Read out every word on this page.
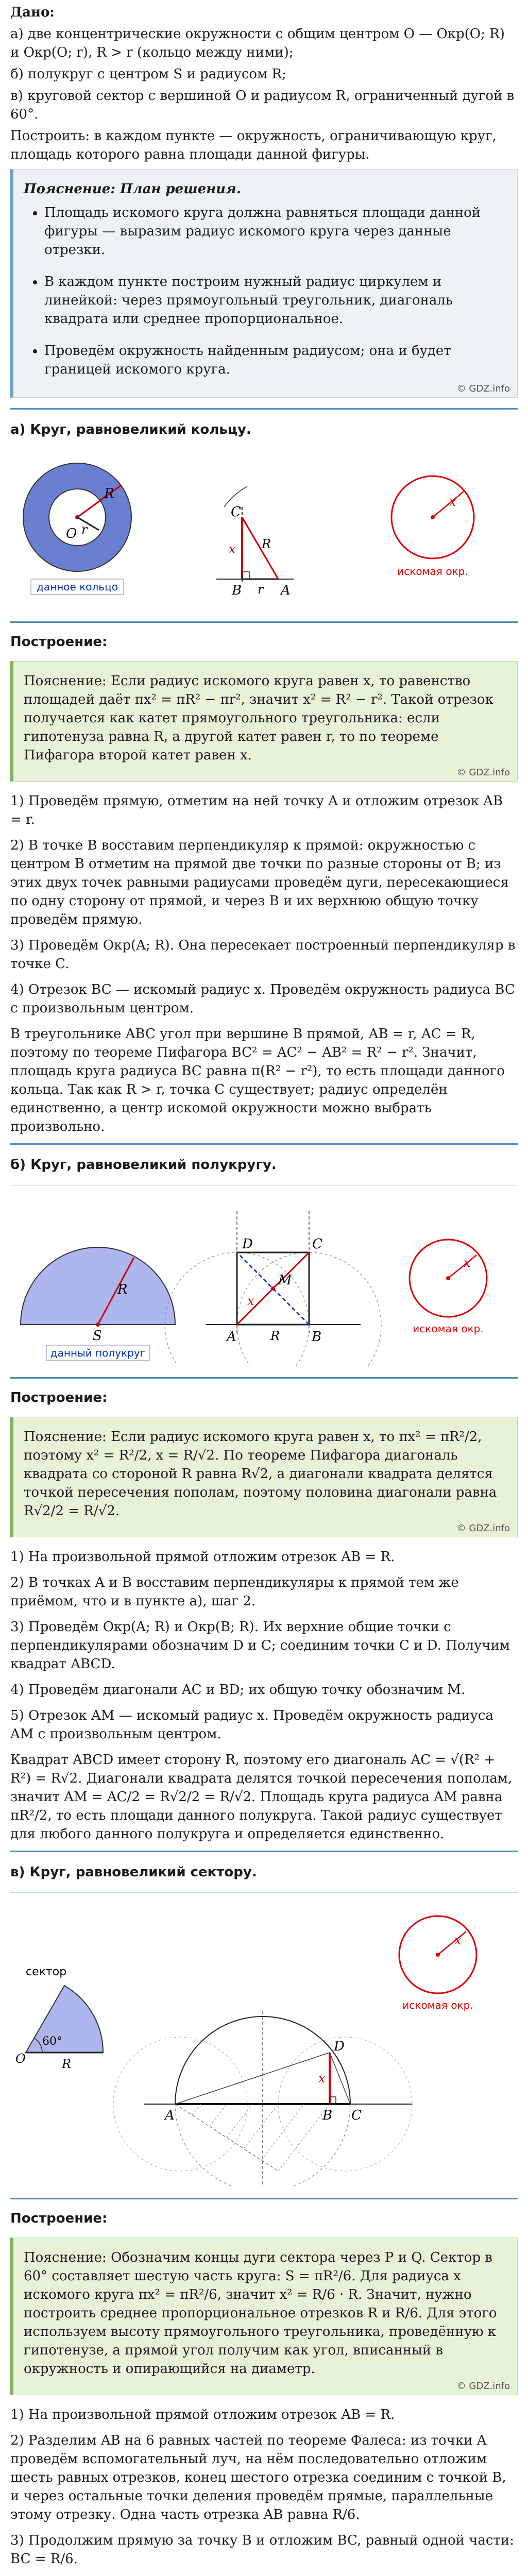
Дано:

а) две концентрические окружности с общим центром O — Окр(O; R) и Окр(O; r), R > r (кольцо между ними);

б) полукруг с центром S и радиусом R;

в) круговой сектор с вершиной O и радиусом R, ограниченный дугой в 60°.

Построить: в каждом пункте — окружность, ограничивающую круг, площадь которого равна площади данной фигуры.

Пояснение: План решения.
• Площадь искомого круга должна равняться площади данной фигуры — выразим радиус искомого круга через данные отрезки.
• В каждом пункте построим нужный радиус циркулем и линейкой: через прямоугольный треугольник, диагональ квадрата или среднее пропорциональное.
• Проведём окружность найденным радиусом; она и будет границей искомого круга.
© GDZ.info
а) Круг, равновеликий кольцу.
R
r
O
данное кольцо
C
B	A
R
r
x
x
искомая окр.
Построение:

Пояснение: Если радиус искомого круга равен x, то равенство площадей даёт πx² = πR² − πr², значит x² = R² − r². Такой отрезок получается как катет прямоугольного треугольника: если гипотенуза равна R, а другой катет равен r, то по теореме Пифагора второй катет равен x.

© GDZ.info

1) Проведём прямую, отметим на ней точку A и отложим отрезок AB = r.

2) В точке B восставим перпендикуляр к прямой: окружностью с центром B отметим на прямой две точки по разные стороны от B; из этих двух точек равными радиусами проведём дуги, пересекающиеся по одну сторону от прямой, и через B и их верхнюю общую точку проведём прямую.

3) Проведём Окр(A; R). Она пересекает построенный перпендикуляр в точке C.

4) Отрезок BC — искомый радиус x. Проведём окружность радиуса BC с произвольным центром.

В треугольнике ABC угол при вершине B прямой, AB = r, AC = R, поэтому по теореме Пифагора BC² = AC² − AB² = R² − r². Значит, площадь круга радиуса BC равна π(R² − r²), то есть площади данного кольца. Так как R > r, точка C существует; радиус определён единственно, а центр искомой окружности можно выбрать произвольно.

б) Круг, равновеликий полукругу.
R
S
данный полукруг
D	C
A	B
M
x
R
x
искомая окр.
Построение:

Пояснение: Если радиус искомого круга равен x, то πx² = πR²/2, поэтому x² = R²/2, x = R/√2. По теореме Пифагора диагональ квадрата со стороной R равна R√2, а диагонали квадрата делятся точкой пересечения пополам, поэтому половина диагонали равна R√2/2 = R/√2.

© GDZ.info

1) На произвольной прямой отложим отрезок AB = R.

2) В точках A и B восставим перпендикуляры к прямой тем же приёмом, что и в пункте а), шаг 2.

3) Проведём Окр(A; R) и Окр(B; R). Их верхние общие точки с перпендикулярами обозначим D и C; соединим точки C и D. Получим квадрат ABCD.

4) Проведём диагонали AC и BD; их общую точку обозначим M.

5) Отрезок AM — искомый радиус x. Проведём окружность радиуса AM с произвольным центром.

Квадрат ABCD имеет сторону R, поэтому его диагональ AC = √(R² + R²) = R√2. Диагонали квадрата делятся точкой пересечения пополам, значит AM = AC/2 = R√2/2 = R/√2. Площадь круга радиуса AM равна πR²/2, то есть площади данного полукруга. Такой радиус существует для любого данного полукруга и определяется единственно.

в) Круг, равновеликий сектору.
60°
сектор
R
O
x
искомая окр.
A	B C
D
x
Построение:

Пояснение: Обозначим концы дуги сектора через P и Q. Сектор в 60° составляет шестую часть круга: S = πR²/6. Для радиуса x искомого круга πx² = πR²/6, значит x² = R/6 · R. Значит, нужно построить среднее пропорциональное отрезков R и R/6. Для этого используем высоту прямоугольного треугольника, проведённую к гипотенузе, а прямой угол получим как угол, вписанный в окружность и опирающийся на диаметр.

© GDZ.info

1) На произвольной прямой отложим отрезок AB = R.

2) Разделим AB на 6 равных частей по теореме Фалеса: из точки A проведём вспомогательный луч, на нём последовательно отложим шесть равных отрезков, конец шестого отрезка соединим с точкой B, и через остальные точки деления проведём прямые, параллельные этому отрезку. Одна часть отрезка AB равна R/6.

3) Продолжим прямую за точку B и отложим BC, равный одной части: BC = R/6.
